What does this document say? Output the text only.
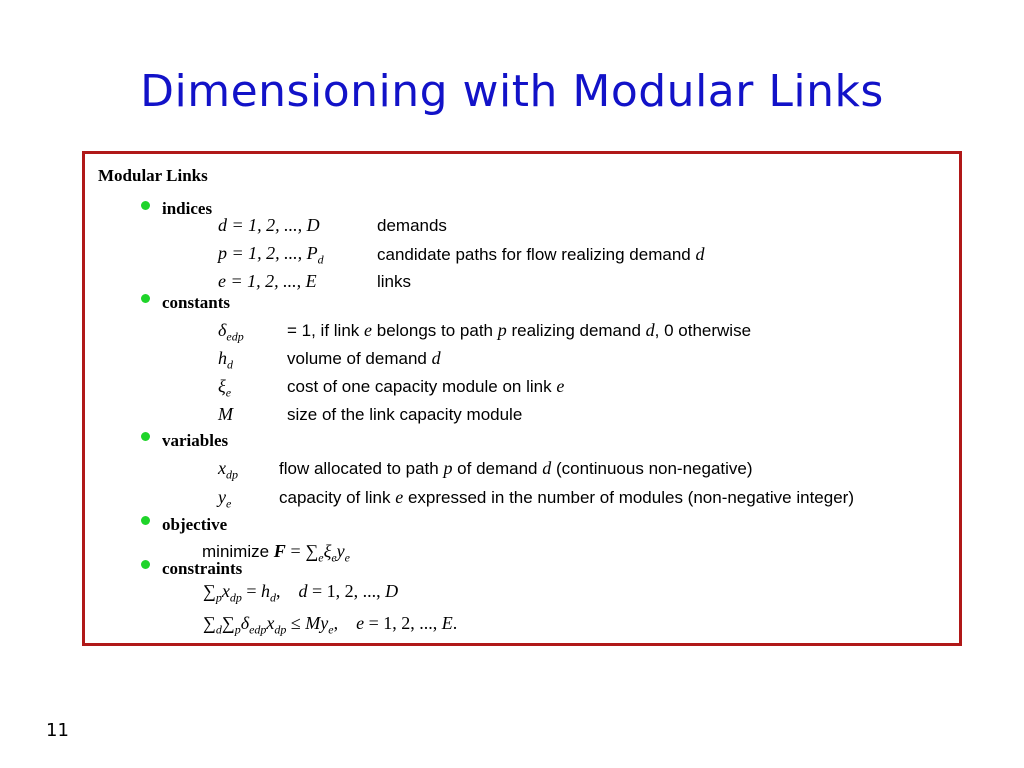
Dimensioning with Modular Links
Modular Links
indices
d = 1, 2, ..., D	demands
p = 1, 2, ..., $P_d$	candidate paths for flow realizing demand d
e = 1, 2, ..., E	links
constants
$\delta_{edp}$	= 1, if link e belongs to path p realizing demand d, 0 otherwise
$h_d$	volume of demand d
$\xi_e$	cost of one capacity module on link e
M	size of the link capacity module
variables
$x_{dp}$ flow allocated to path p of demand d (continuous non-negative)
$y_e$	capacity of link e expressed in the number of modules (non-negative integer)
objective
minimize $F = \sum_e\xi_ey_e$
constraints
$\sum_px_{dp} = h_d$,    d = 1, 2, ..., D
$\sum_d\sum_p\delta_{edp}x_{dp} \le My_e$,    e = 1, 2, ..., E.
11
